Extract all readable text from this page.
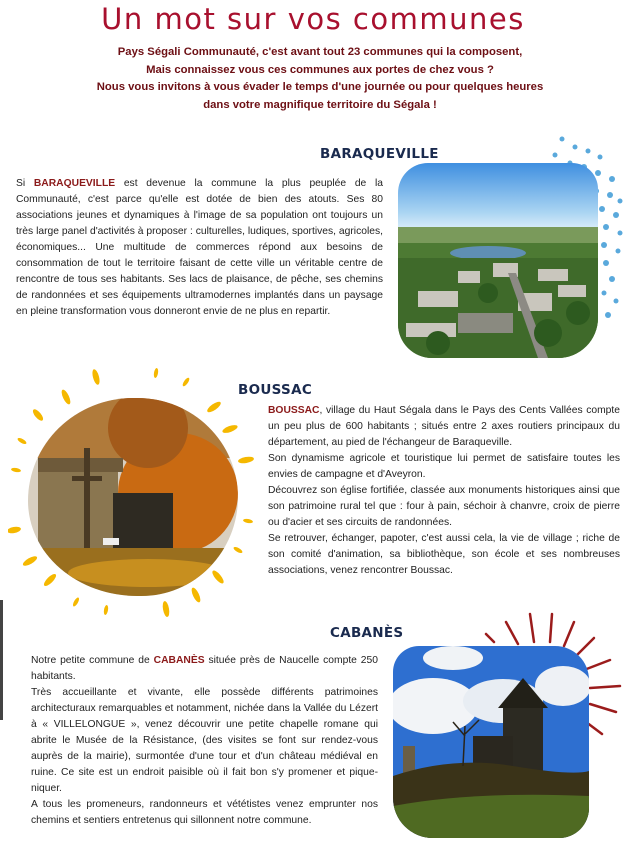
Un mot sur vos communes
Pays Ségali Communauté, c'est avant tout 23 communes qui la composent,
Mais connaissez vous ces communes aux portes de chez vous ?
Nous vous invitons à vous évader le temps d'une journée ou pour quelques heures
dans votre magnifique territoire du Ségala !
BARAQUEVILLE

Si BARAQUEVILLE est devenue la commune la plus peuplée de la Communauté, c'est parce qu'elle est dotée de bien des atouts. Ses 80 associations jeunes et dynamiques à l'image de sa population ont toujours un très large panel d'activités à proposer : culturelles, ludiques, sportives, agricoles, économiques... Une multitude de commerces répond aux besoins de consommation de tout le territoire faisant de cette ville un véritable centre de rencontre de tous ses habitants. Ses lacs de plaisance, de pêche, ses chemins de randonnées et ses équipements ultramodernes implantés dans un paysage en pleine transformation vous donneront envie de ne plus en repartir.

BOUSSAC

BOUSSAC, village du Haut Ségala dans le Pays des Cents Vallées compte un peu plus de 600 habitants ; situés entre 2 axes routiers principaux du département, au pied de l'échangeur de Baraqueville.

Son dynamisme agricole et touristique lui permet de satisfaire toutes les envies de campagne et d'Aveyron.

Découvrez son église fortifiée, classée aux monuments historiques ainsi que son patrimoine rural tel que : four à pain, séchoir à chanvre, croix de pierre ou d'acier et ses circuits de randonnées.

Se retrouver, échanger, papoter, c'est aussi cela, la vie de village ; riche de son comité d'animation, sa bibliothèque, son école et ses nombreuses associations, venez rencontrer Boussac.

CABANÈS

Notre petite commune de CABANÈS située près de Naucelle compte 250 habitants.

Très accueillante et vivante, elle possède différents patrimoines architecturaux remarquables et notamment, nichée dans la Vallée du Lézert à « VILLELONGUE », venez découvrir une petite chapelle romane qui abrite le Musée de la Résistance, (des visites se font sur rendez-vous auprès de la mairie), surmontée d'une tour et d'un château médiéval en ruine. Ce site est un endroit paisible où il fait bon s'y promener et pique-niquer.

A tous les promeneurs, randonneurs et vététistes venez emprunter nos chemins et sentiers entretenus qui sillonnent notre commune.
